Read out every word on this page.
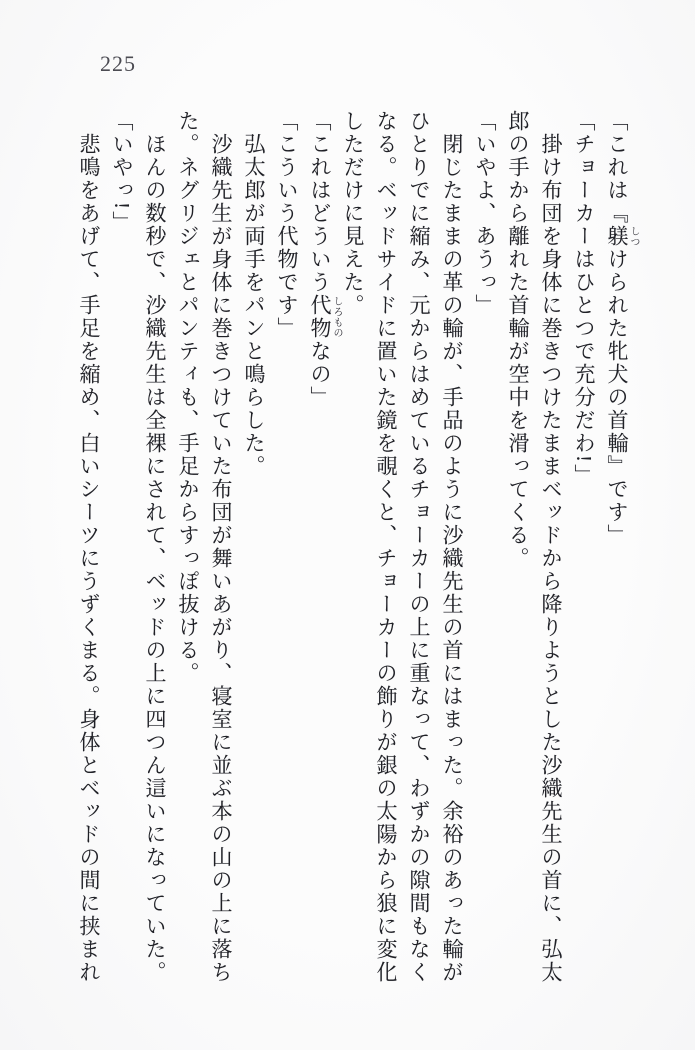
225

「これは『躾けられた牝犬の首輪』です」

「チョーカーはひとつで充分だわ!」

掛け布団を身体に巻きつけたままベッドから降りようとした沙織先生の首に、弘太

郎の手から離れた首輪が空中を滑ってくる。

「いやよ、あうっ」

閉じたままの革の輪が、手品のように沙織先生の首にはまった。余裕のあった輪が

ひとりでに縮み、元からはめているチョーカーの上に重なって、わずかの隙間もなく

なる。ベッドサイドに置いた鏡を覗くと、チョーカーの飾りが銀の太陽から狼に変化

しただけに見えた。

「これはどういう代物なの」

「こういう代物です」

弘太郎が両手をパンと鳴らした。

沙織先生が身体に巻きつけていた布団が舞いあがり、寝室に並ぶ本の山の上に落ち

た。ネグリジェとパンティも、手足からすっぽ抜ける。

ほんの数秒で、沙織先生は全裸にされて、ベッドの上に四つん這いになっていた。

「いやっ!」

悲鳴をあげて、手足を縮め、白いシーツにうずくまる。身体とベッドの間に挟まれ	しつ
しろもの
